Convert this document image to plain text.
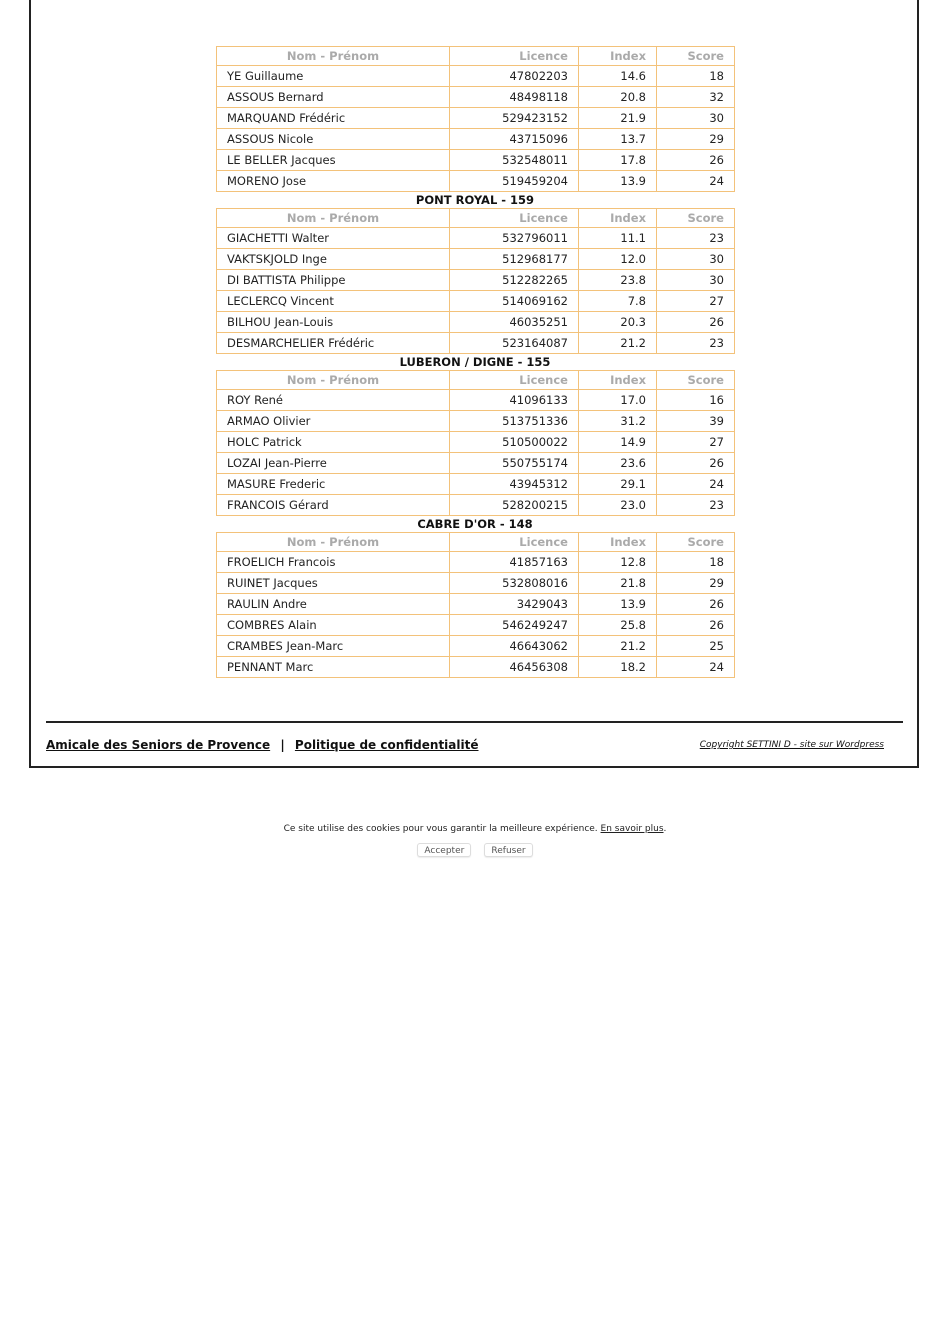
Nom - Prénom	Licence	Index	Score
YE Guillaume	47802203	14.6	18
ASSOUS Bernard	48498118	20.8	32
MARQUAND Frédéric	529423152	21.9	30
ASSOUS Nicole	43715096	13.7	29
LE BELLER Jacques	532548011	17.8	26
MORENO Jose	519459204	13.9	24
PONT ROYAL - 159
Nom - Prénom	Licence	Index	Score
GIACHETTI Walter	532796011	11.1	23
VAKTSKJOLD Inge	512968177	12.0	30
DI BATTISTA Philippe	512282265	23.8	30
LECLERCQ Vincent	514069162	7.8	27
BILHOU Jean-Louis	46035251	20.3	26
DESMARCHELIER Frédéric	523164087	21.2	23
LUBERON / DIGNE - 155
Nom - Prénom	Licence	Index	Score
ROY René	41096133	17.0	16
ARMAO Olivier	513751336	31.2	39
HOLC Patrick	510500022	14.9	27
LOZAI Jean-Pierre	550755174	23.6	26
MASURE Frederic	43945312	29.1	24
FRANCOIS Gérard	528200215	23.0	23
CABRE D'OR - 148
Nom - Prénom	Licence	Index	Score
FROELICH Francois	41857163	12.8	18
RUINET Jacques	532808016	21.8	29
RAULIN Andre	3429043	13.9	26
COMBRES Alain	546249247	25.8	26
CRAMBES Jean-Marc	46643062	21.2	25
PENNANT Marc	46456308	18.2	24
Amicale des Seniors de Provence | Politique de confidentialité	Copyright SETTINI D - site sur Wordpress
Ce site utilise des cookies pour vous garantir la meilleure expérience. En savoir plus.
Accepter	Refuser
